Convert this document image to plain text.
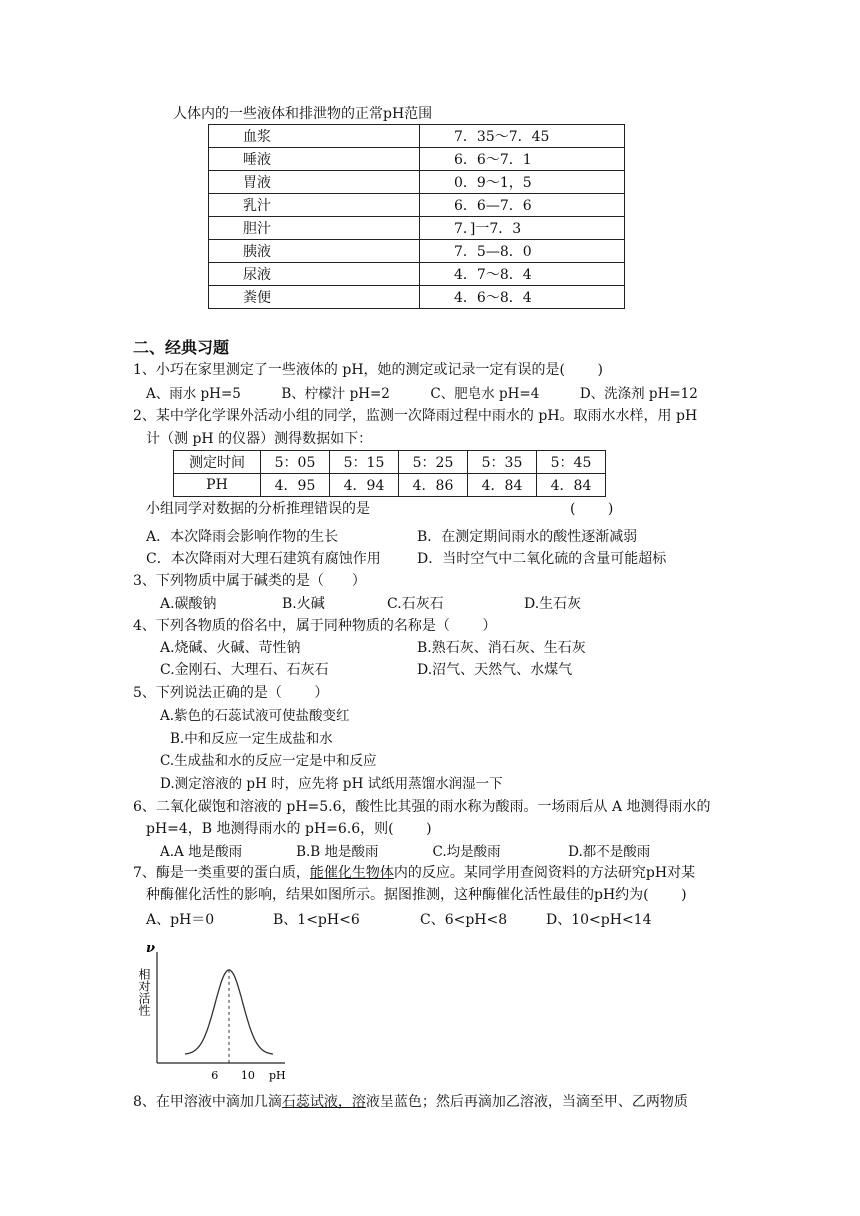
人体内的一些液体和排泄物的正常pH范围
血浆	7．35～7．45
唾液	6．6～7．1
胃液	0．9～1，5
乳汁	6．6—7．6
胆汁	7．]一7．3
胰液	7．5—8．0
尿液	4．7～8．4
粪便	4．6～8．4
二、经典习题
1、小巧在家里测定了一些液体的 pH，她的测定或记录一定有误的是(　　 )
A、雨水 pH=5　　　B、柠檬汁 pH=2　　　C、肥皂水 pH=4　　　D、洗涤剂 pH=12
2、某中学化学课外活动小组的同学，监测一次降雨过程中雨水的 pH。取雨水水样，用 pH
计（测 pH 的仪器）测得数据如下：
测定时间	5：05	5：15	5：25	5：35	5：45
PH	4．95	4．94	4．86	4．84	4．84
小组同学对数据的分析推理错误的是	(　　 )
A．本次降雨会影响作物的生长	B．在测定期间雨水的酸性逐渐减弱
C．本次降雨对大理石建筑有腐蚀作用	D．当时空气中二氧化硫的含量可能超标
3、下列物质中属于碱类的是（　　）
A.碳酸钠	B.火碱	C.石灰石	D.生石灰
4、下列各物质的俗名中，属于同种物质的名称是（　　 ）
A.烧碱、火碱、苛性钠	B.熟石灰、消石灰、生石灰
C.金刚石、大理石、石灰石	D.沼气、天然气、水煤气
5、下列说法正确的是（　　 ）
A.紫色的石蕊试液可使盐酸变红
B.中和反应一定生成盐和水
C.生成盐和水的反应一定是中和反应
D.测定溶液的 pH 时，应先将 pH 试纸用蒸馏水润湿一下
6、二氧化碳饱和溶液的 pH=5.6，酸性比其强的雨水称为酸雨。一场雨后从 A 地测得雨水的
pH=4，B 地测得雨水的 pH=6.6，则(　　 )
A.A 地是酸雨　　　　B.B 地是酸雨　　　　C.均是酸雨　　　　　D.都不是酸雨
7、酶是一类重要的蛋白质，能催化生物体内的反应。某同学用查阅资料的方法研究pH对某
种酶催化活性的影响，结果如图所示。据图推测，这种酶催化活性最佳的pH约为(　　 )
A、pH＝0	B、1<pH<6	C、6<pH<8	D、10<pH<14
ν
相对活性
6 10 pH
8、在甲溶液中滴加几滴石蕊试液，溶液呈蓝色；然后再滴加乙溶液，当滴至甲、乙两物质
